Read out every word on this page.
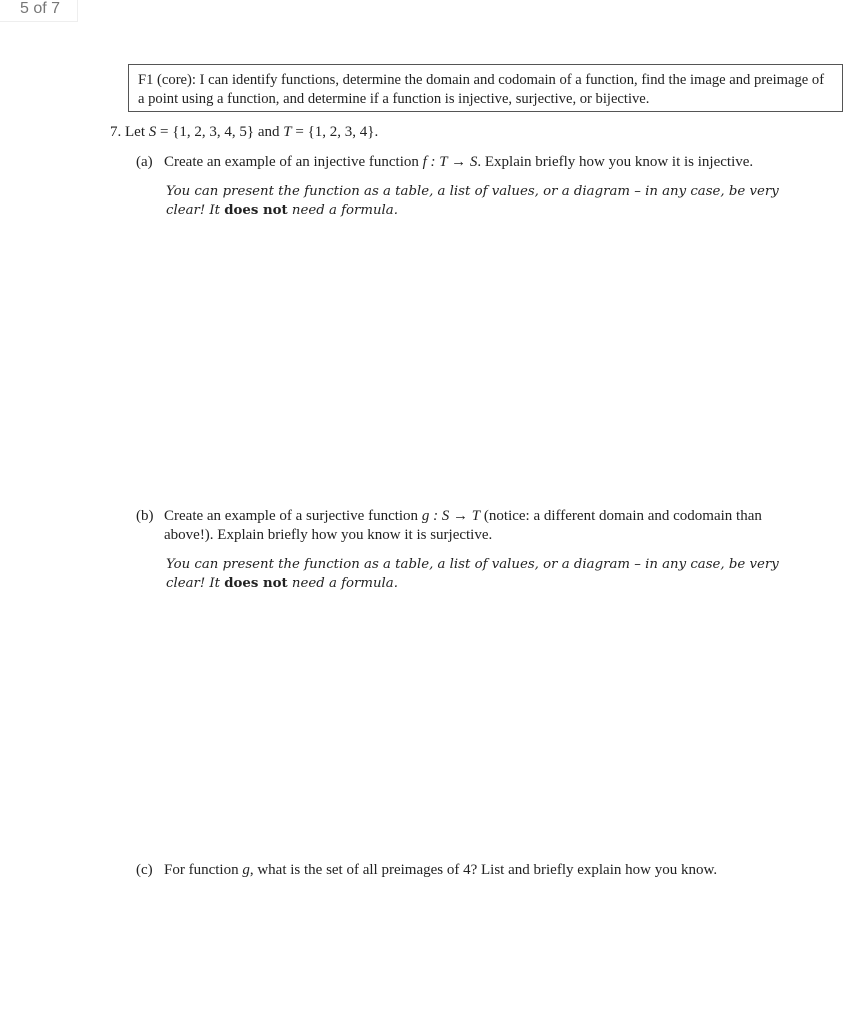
5 of 7
F1 (core): I can identify functions, determine the domain and codomain of a function, find the image and preimage of a point using a function, and determine if a function is injective, surjective, or bijective.
7. Let S = {1, 2, 3, 4, 5} and T = {1, 2, 3, 4}.
(a) Create an example of an injective function f : T → S. Explain briefly how you know it is injective.
You can present the function as a table, a list of values, or a diagram – in any case, be very clear! It does not need a formula.
(b) Create an example of a surjective function g : S → T (notice: a different domain and codomain than above!). Explain briefly how you know it is surjective.
You can present the function as a table, a list of values, or a diagram – in any case, be very clear! It does not need a formula.
(c) For function g, what is the set of all preimages of 4? List and briefly explain how you know.
